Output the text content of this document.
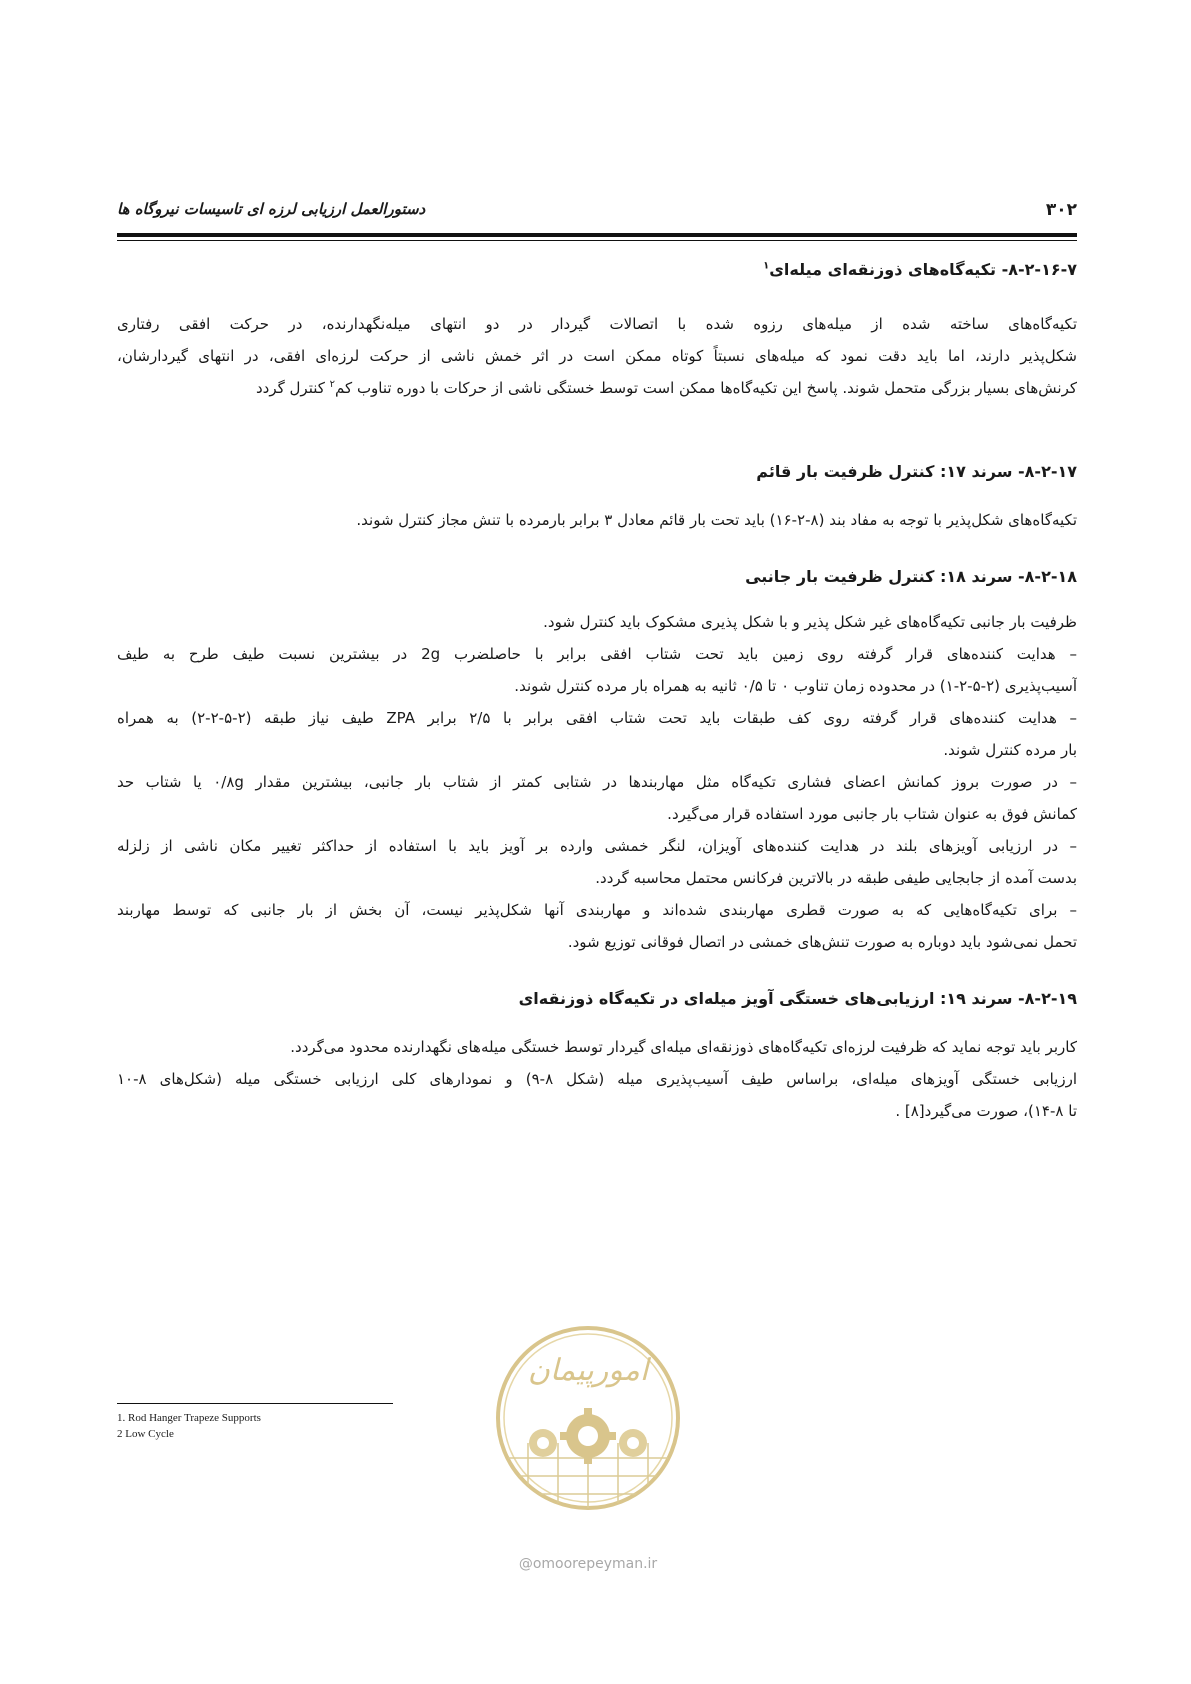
۳۰۲
دستورالعمل ارزیابی لرزه ای تاسیسات نیروگاه ها
۸-۲-۱۶-۷- تکیه‌گاه‌های ذوزنقه‌ای میله‌ای$^۱$
تکیه‌گاه‌های ساخته شده از میله‌های رزوه شده با اتصالات گیردار در دو انتهای میله‌نگهدارنده، در حرکت افقی رفتاری
شکل‌پذیر دارند، اما باید دقت نمود که میله‌های نسبتاً کوتاه ممکن است در اثر خمش ناشی از حرکت لرزه‌ای افقی، در انتهای گیردارشان،
کرنش‌های بسیار بزرگی متحمل شوند. پاسخ این تکیه‌گاه‌ها ممکن است توسط خستگی ناشی از حرکات با دوره تناوب کم$^۲$ کنترل گردد
۸-۲-۱۷- سرند ۱۷: کنترل ظرفیت بار قائم
تکیه‌گاه‌های شکل‌پذیر با توجه به مفاد بند (۸-۲-۱۶) باید تحت بار قائم معادل ۳ برابر بارمرده با تنش مجاز کنترل شوند.
۸-۲-۱۸- سرند ۱۸: کنترل ظرفیت بار جانبی
ظرفیت بار جانبی تکیه‌گاه‌های غیر شکل پذیر و با شکل پذیری مشکوک باید کنترل شود.
– هدایت کننده‌های قرار گرفته روی زمین باید تحت شتاب افقی برابر با حاصلضرب 2g در بیشترین نسبت طیف طرح به طیف
آسیب‌پذیری (۲-۵-۲-۱) در محدوده زمان تناوب ۰ تا ۰/۵ ثانیه به همراه بار مرده کنترل شوند.
– هدایت کننده‌های قرار گرفته روی کف طبقات باید تحت شتاب افقی برابر با ۲/۵ برابر ZPA طیف نیاز طبقه (۲-۵-۲-۲) به همراه
بار مرده کنترل شوند.
– در صورت بروز کمانش اعضای فشاری تکیه‌گاه مثل مهاربندها در شتابی کمتر از شتاب بار جانبی، بیشترین مقدار ۰/۸g یا شتاب حد
کمانش فوق به عنوان شتاب بار جانبی مورد استفاده قرار می‌گیرد.
– در ارزیابی آویزهای بلند در هدایت کننده‌های آویزان، لنگر خمشی وارده بر آویز باید با استفاده از حداکثر تغییر مکان ناشی از زلزله
بدست آمده از جابجایی طیفی طبقه در بالاترین فرکانس محتمل محاسبه گردد.
– برای تکیه‌گاه‌هایی که به صورت قطری مهاربندی شده‌اند و مهاربندی آنها شکل‌پذیر نیست، آن بخش از بار جانبی که توسط مهاربند
تحمل نمی‌شود باید دوباره به صورت تنش‌های خمشی در اتصال فوقانی توزیع شود.
۸-۲-۱۹- سرند ۱۹: ارزیابی‌های خستگی آویز میله‌ای در تکیه‌گاه ذوزنقه‌ای
کاربر باید توجه نماید که ظرفیت لرزه‌ای تکیه‌گاه‌های ذوزنقه‌ای میله‌ای گیردار توسط خستگی میله‌های نگهدارنده محدود می‌گردد.
ارزیابی خستگی آویزهای میله‌ای، براساس طیف آسیب‌پذیری میله (شکل ۸-۹) و نمودارهای کلی ارزیابی خستگی میله (شکل‌های ۸-۱۰
تا ۸-۱۴)، صورت می‌گیرد[۸] .
امورپیمان
@omoorepeyman.ir
1. Rod Hanger Trapeze Supports
2 Low Cycle
